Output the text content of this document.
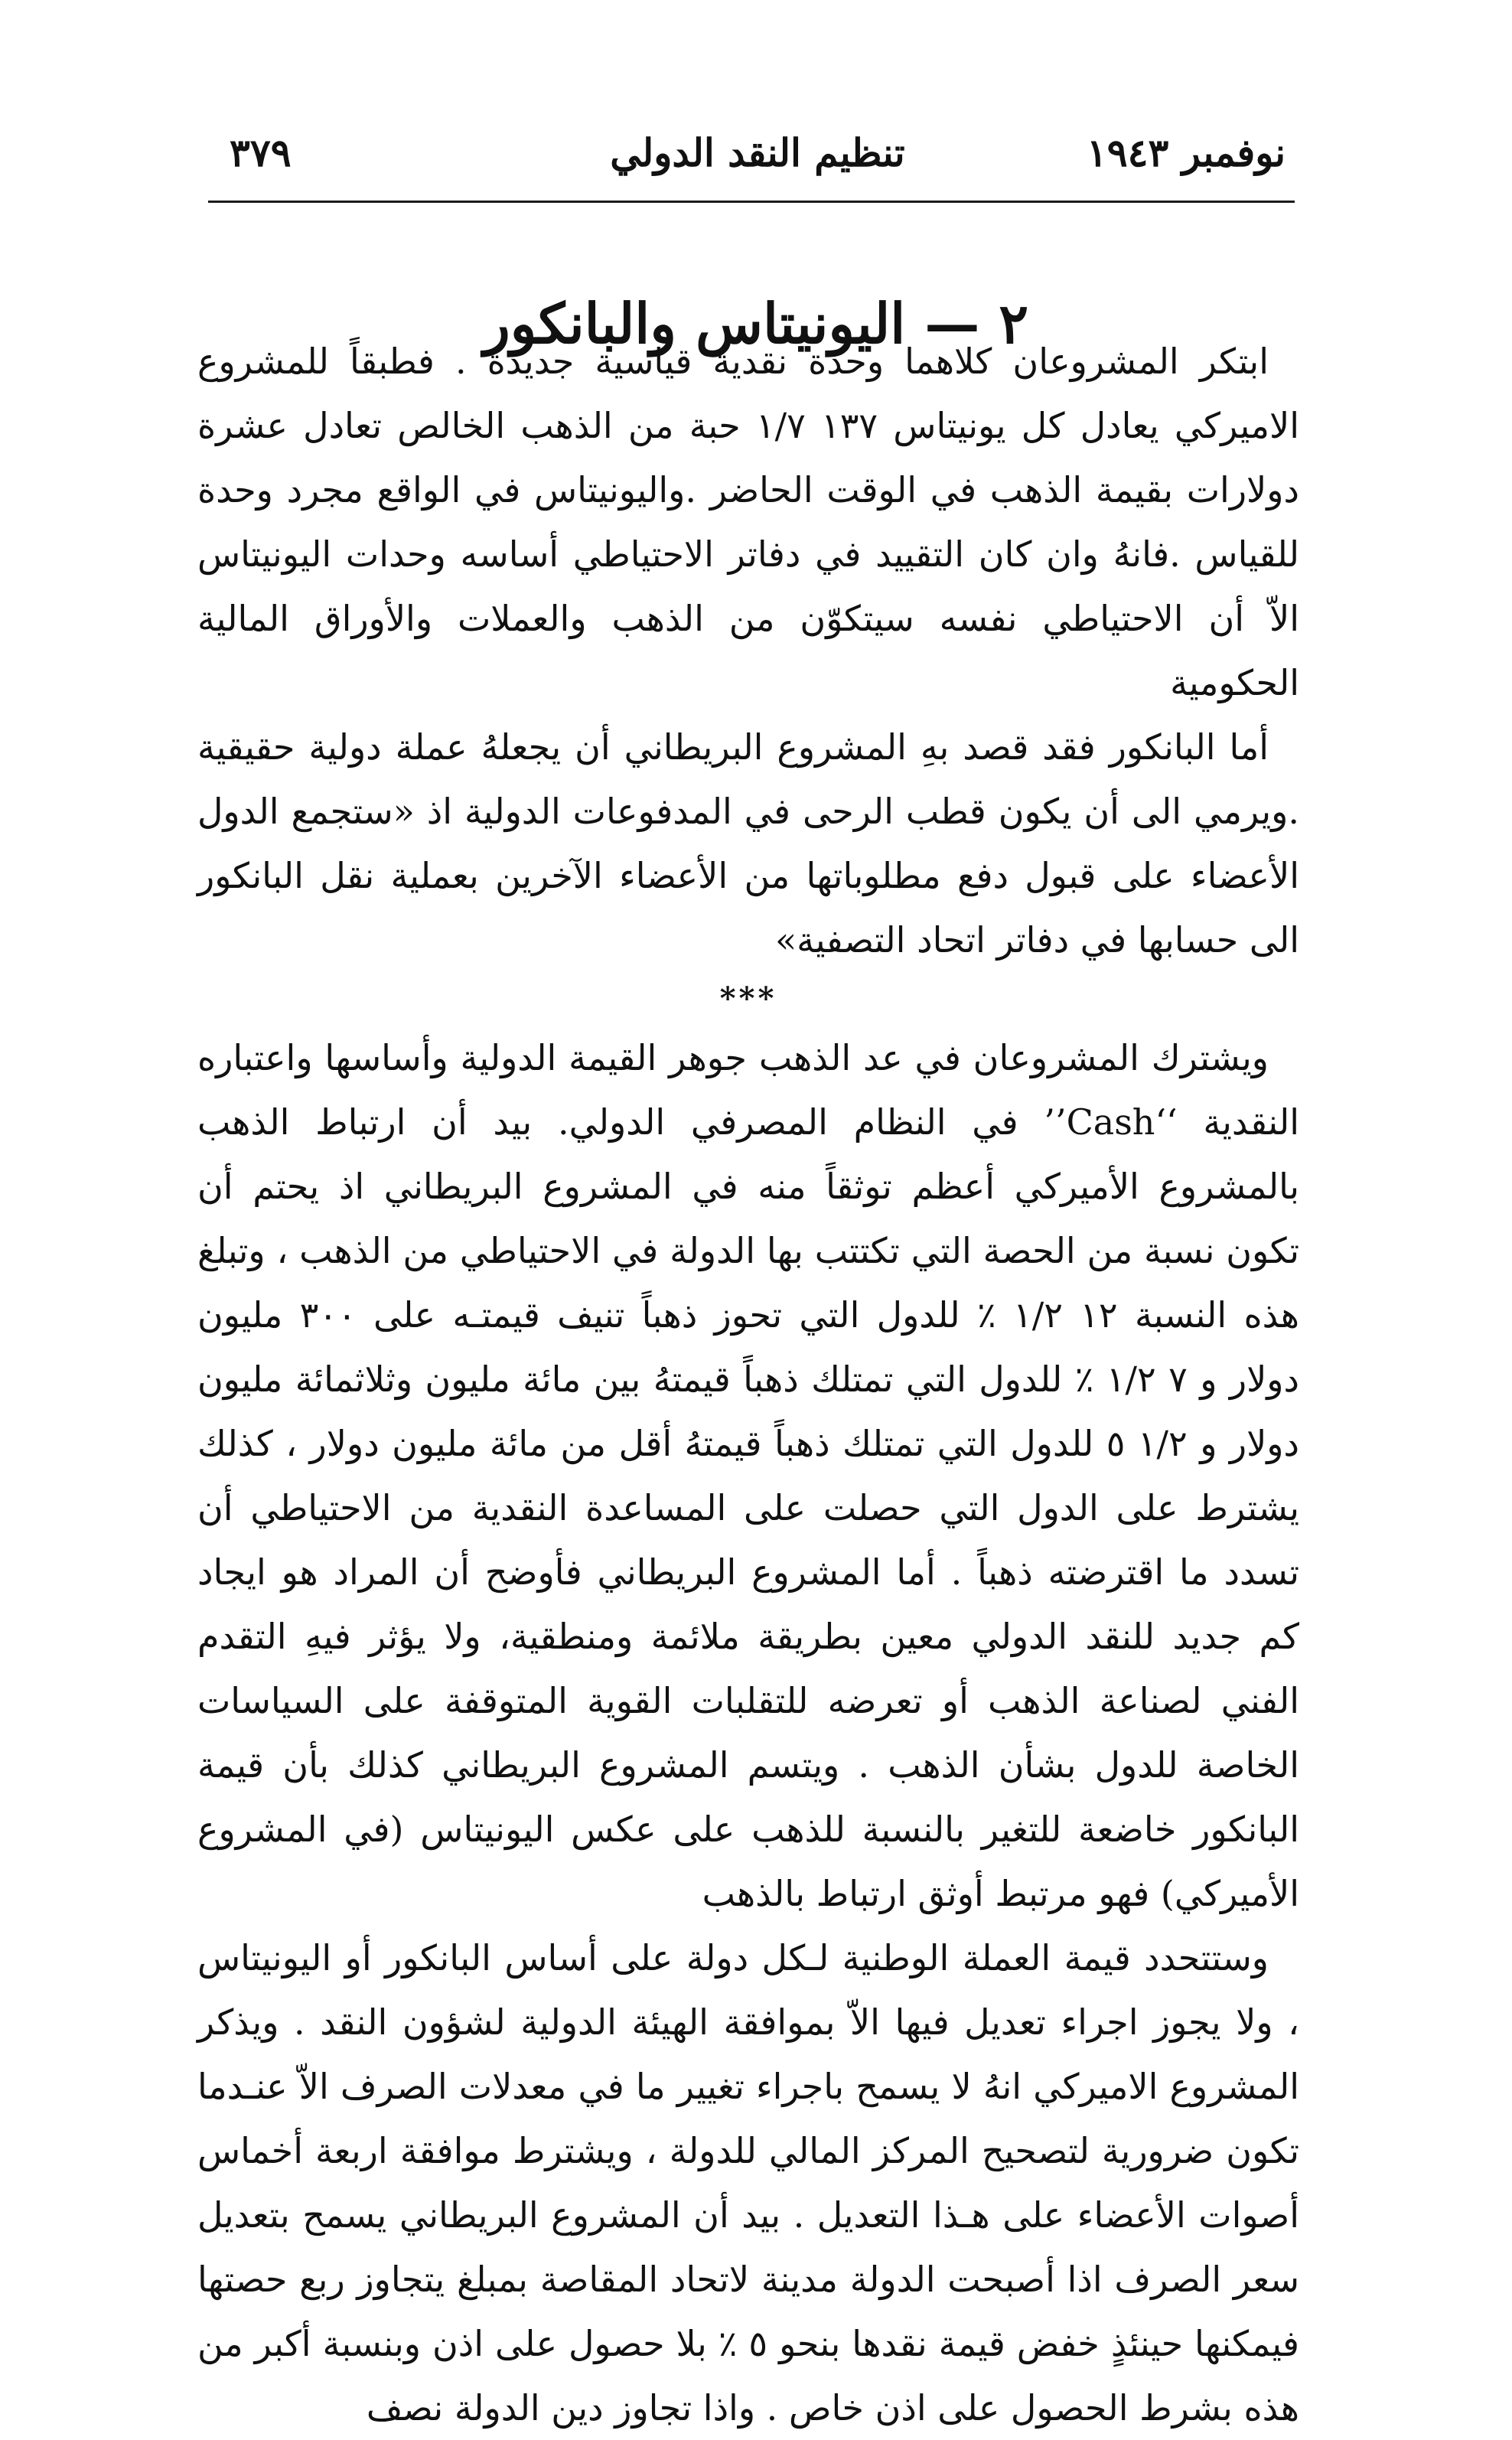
نوفمبر ١٩٤٣
تنظيم النقد الدولي
٣٧٩
٢ — اليونيتاس والبانكور

ابتكر المشروعان كلاهما وحدة نقدية قياسية جديدة . فطبقاً للمشروع الاميركي يعادل كل يونيتاس ١٣٧ ١/٧ حبة من الذهب الخالص تعادل عشرة دولارات بقيمة الذهب في الوقت الحاضر .واليونيتاس في الواقع مجرد وحدة للقياس .فانهُ وان كان التقييد في دفاتر الاحتياطي أساسه وحدات اليونيتاس الاّ أن الاحتياطي نفسه سيتكوّن من الذهب والعملات والأوراق المالية الحكومية

أما البانكور فقد قصد بهِ المشروع البريطاني أن يجعلهُ عملة دولية حقيقية .ويرمي الى أن يكون قطب الرحى في المدفوعات الدولية اذ «ستجمع الدول الأعضاء على قبول دفع مطلوباتها من الأعضاء الآخرين بعملية نقل البانكور الى حسابها في دفاتر اتحاد التصفية»

***

ويشترك المشروعان في عد الذهب جوهر القيمة الدولية وأساسها واعتباره النقدية ‘‘Cash’’ في النظام المصرفي الدولي. بيد أن ارتباط الذهب بالمشروع الأميركي أعظم توثقاً منه في المشروع البريطاني اذ يحتم أن تكون نسبة من الحصة التي تكتتب بها الدولة في الاحتياطي من الذهب ، وتبلغ هذه النسبة ١٢ ١/٢ ٪ للدول التي تحوز ذهباً تنيف قيمتـه على ٣٠٠ مليون دولار و ٧ ١/٢ ٪ للدول التي تمتلك ذهباً قيمتهُ بين مائة مليون وثلاثمائة مليون دولار و ١/٢ ٥ للدول التي تمتلك ذهباً قيمتهُ أقل من مائة مليون دولار ، كذلك يشترط على الدول التي حصلت على المساعدة النقدية من الاحتياطي أن تسدد ما اقترضته ذهباً . أما المشروع البريطاني فأوضح أن المراد هو ايجاد كم جديد للنقد الدولي معين بطريقة ملائمة ومنطقية، ولا يؤثر فيهِ التقدم الفني لصناعة الذهب أو تعرضه للتقلبات القوية المتوقفة على السياسات الخاصة للدول بشأن الذهب . ويتسم المشروع البريطاني كذلك بأن قيمة البانكور خاضعة للتغير بالنسبة للذهب على عكس اليونيتاس (في المشروع الأميركي) فهو مرتبط أوثق ارتباط بالذهب

وستتحدد قيمة العملة الوطنية لـكل دولة على أساس البانكور أو اليونيتاس ، ولا يجوز اجراء تعديل فيها الاّ بموافقة الهيئة الدولية لشؤون النقد . ويذكر المشروع الاميركي انهُ لا يسمح باجراء تغيير ما في معدلات الصرف الاّ عنـدما تكون ضرورية لتصحيح المركز المالي للدولة ، ويشترط موافقة اربعة أخماس أصوات الأعضاء على هـذا التعديل . بيد أن المشروع البريطاني يسمح بتعديل سعر الصرف اذا أصبحت الدولة مدينة لاتحاد المقاصة بمبلغ يتجاوز ربع حصتها فيمكنها حينئذٍ خفض قيمة نقدها بنحو ٥ ٪ بلا حصول على اذن وبنسبة أكبر من هذه بشرط الحصول على اذن خاص . واذا تجاوز دين الدولة نصف
